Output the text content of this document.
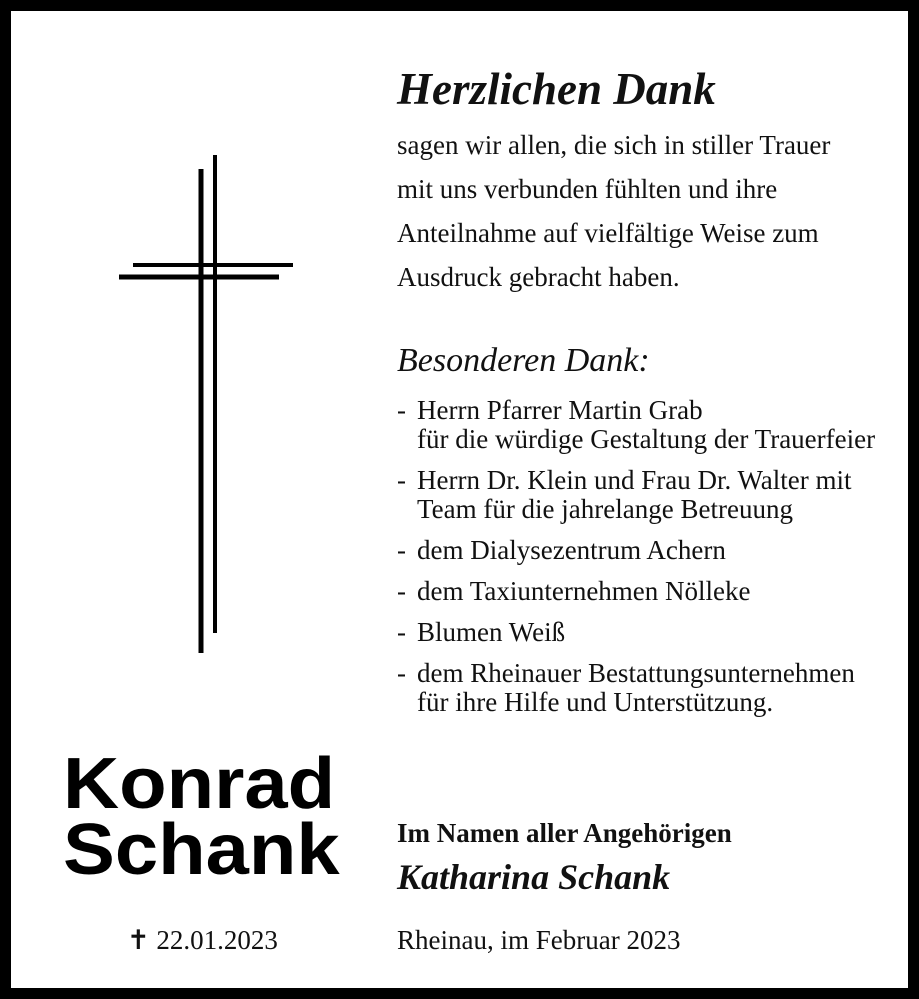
Herzlichen Dank
sagen wir allen, die sich in stiller Trauer
mit uns verbunden fühlten und ihre
Anteilnahme auf vielfältige Weise zum
Ausdruck gebracht haben.
Besonderen Dank:
- Herrn Pfarrer Martin Grab
für die würdige Gestaltung der Trauerfeier
- Herrn Dr. Klein und Frau Dr. Walter mit
Team für die jahrelange Betreuung
- dem Dialysezentrum Achern
- dem Taxiunternehmen Nölleke
- Blumen Weiß
- dem Rheinauer Bestattungsunternehmen
für ihre Hilfe und Unterstützung.
Konrad
Schank
✝ 22.01.2023
Im Namen aller Angehörigen
Katharina Schank
Rheinau, im Februar 2023
